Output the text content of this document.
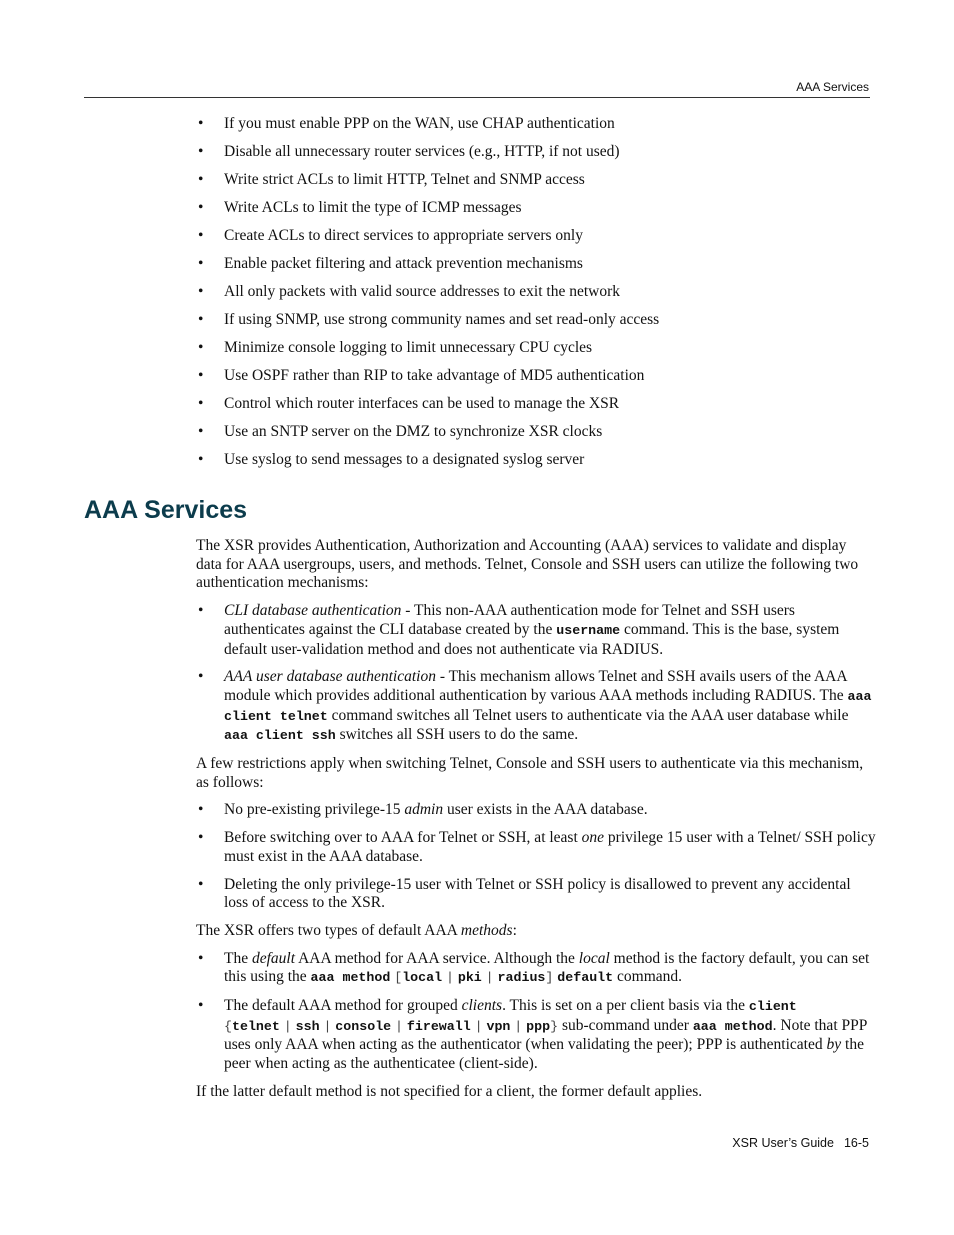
AAA Services
• If you must enable PPP on the WAN, use CHAP authentication
• Disable all unnecessary router services (e.g., HTTP, if not used)
• Write strict ACLs to limit HTTP, Telnet and SNMP access
• Write ACLs to limit the type of ICMP messages
• Create ACLs to direct services to appropriate servers only
• Enable packet filtering and attack prevention mechanisms
• All only packets with valid source addresses to exit the network
• If using SNMP, use strong community names and set read-only access
• Minimize console logging to limit unnecessary CPU cycles
• Use OSPF rather than RIP to take advantage of MD5 authentication
• Control which router interfaces can be used to manage the XSR
• Use an SNTP server on the DMZ to synchronize XSR clocks
• Use syslog to send messages to a designated syslog server
AAA Services

The XSR provides Authentication, Authorization and Accounting (AAA) services to validate and display data for AAA usergroups, users, and methods. Telnet, Console and SSH users can utilize the following two authentication mechanisms:

• CLI database authentication - This non-AAA authentication mode for Telnet and SSH users authenticates against the CLI database created by the username command. This is the base, system default user-validation method and does not authenticate via RADIUS.
• AAA user database authentication - This mechanism allows Telnet and SSH avails users of the AAA module which provides additional authentication by various AAA methods including RADIUS. The aaa client telnet command switches all Telnet users to authenticate via the AAA user database while aaa client ssh switches all SSH users to do the same.

A few restrictions apply when switching Telnet, Console and SSH users to authenticate via this mechanism, as follows:

• No pre-existing privilege-15 admin user exists in the AAA database.
• Before switching over to AAA for Telnet or SSH, at least one privilege 15 user with a Telnet/ SSH policy must exist in the AAA database.
• Deleting the only privilege-15 user with Telnet or SSH policy is disallowed to prevent any accidental loss of access to the XSR.

The XSR offers two types of default AAA methods:

• The default AAA method for AAA service. Although the local method is the factory default, you can set this using the aaa method [local | pki | radius] default command.
• The default AAA method for grouped clients. This is set on a per client basis via the client
{telnet | ssh | console | firewall | vpn | ppp} sub-command under aaa method. Note that PPP uses only AAA when acting as the authenticator (when validating the peer); PPP is authenticated by the peer when acting as the authenticatee (client-side).

If the latter default method is not specified for a client, the former default applies.

XSR User’s Guide 16-5
